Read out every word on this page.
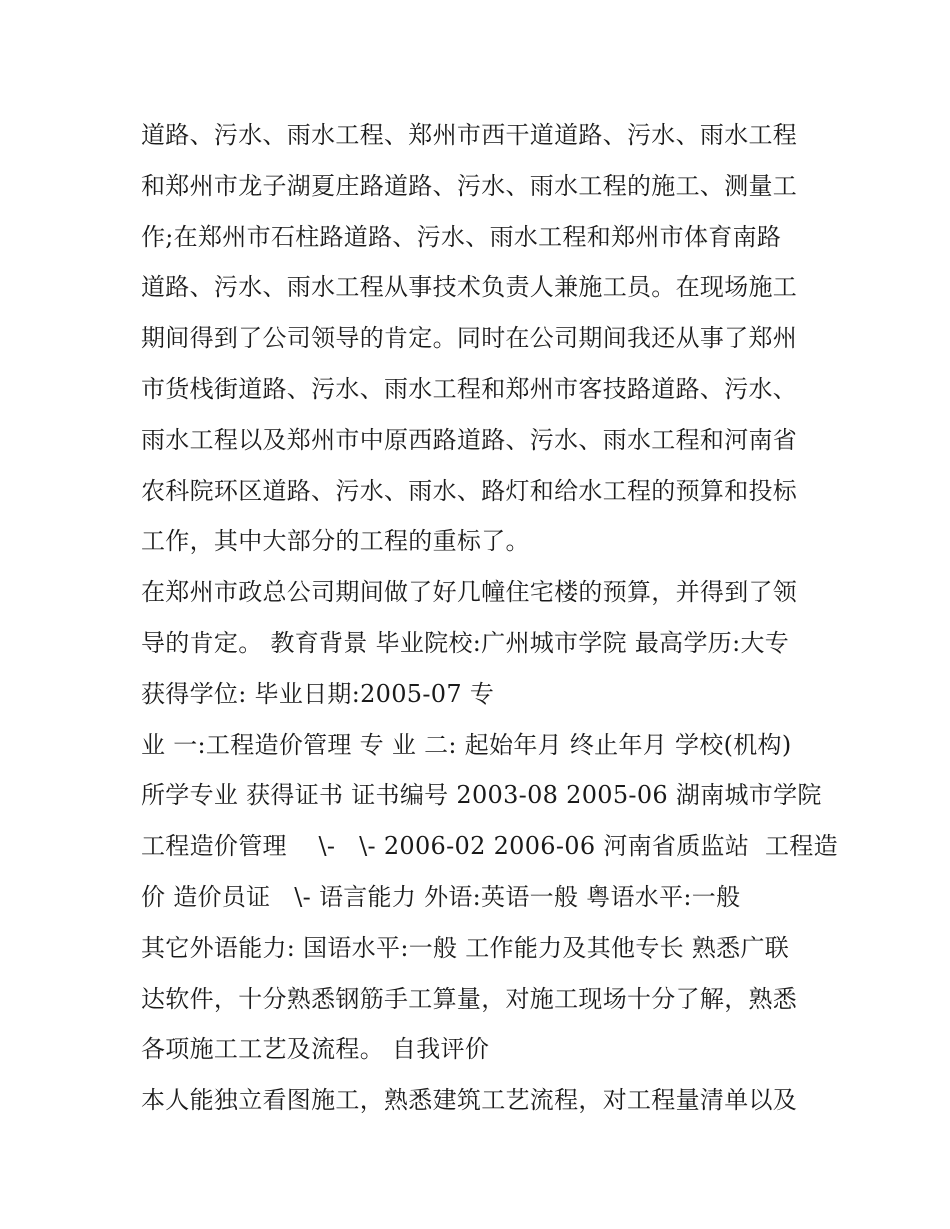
道路、污水、雨水工程、郑州市西干道道路、污水、雨水工程
和郑州市龙子湖夏庄路道路、污水、雨水工程的施工、测量工
作;在郑州市石柱路道路、污水、雨水工程和郑州市体育南路
道路、污水、雨水工程从事技术负责人兼施工员。在现场施工
期间得到了公司领导的肯定。同时在公司期间我还从事了郑州
市货栈街道路、污水、雨水工程和郑州市客技路道路、污水、
雨水工程以及郑州市中原西路道路、污水、雨水工程和河南省
农科院环区道路、污水、雨水、路灯和给水工程的预算和投标
工作，其中大部分的工程的重标了。
在郑州市政总公司期间做了好几幢住宅楼的预算，并得到了领
导的肯定。 教育背景 毕业院校:广州城市学院 最高学历:大专
获得学位: 毕业日期:2005-07 专
业 一:工程造价管理 专 业 二: 起始年月 终止年月 学校(机构)
所学专业 获得证书 证书编号 2003-08 2005-06 湖南城市学院
工程造价管理    \-   \- 2006-02 2006-06 河南省质监站  工程造
价 造价员证   \- 语言能力 外语:英语一般 粤语水平:一般
其它外语能力: 国语水平:一般 工作能力及其他专长 熟悉广联
达软件，十分熟悉钢筋手工算量，对施工现场十分了解，熟悉
各项施工工艺及流程。 自我评价
本人能独立看图施工，熟悉建筑工艺流程，对工程量清单以及
